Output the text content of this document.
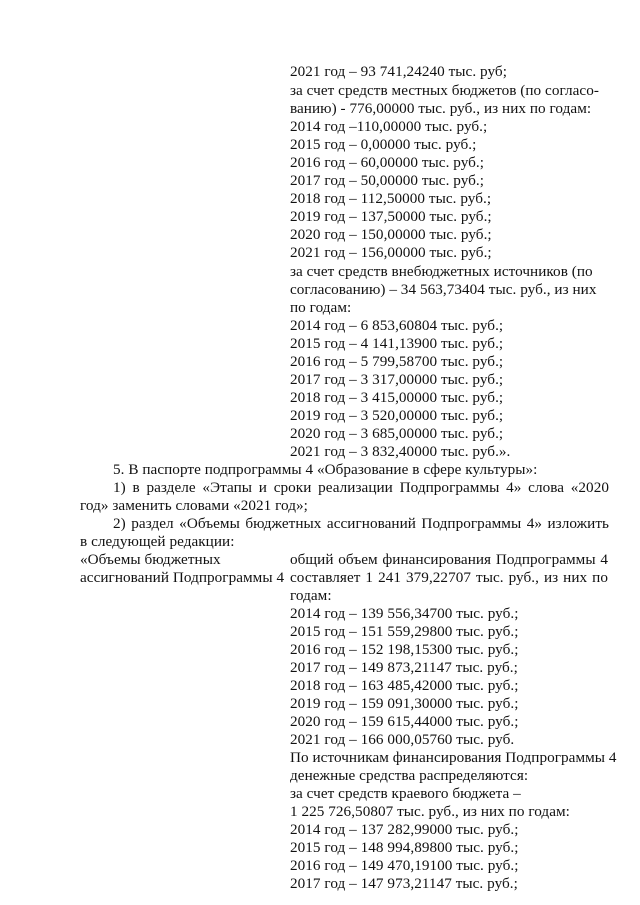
2021 год – 93 741,24240 тыс. руб;
за счет средств местных бюджетов (по согласо-
ванию) - 776,00000 тыс. руб., из них по годам:
2014 год –110,00000 тыс. руб.;
2015 год – 0,00000 тыс. руб.;
2016 год – 60,00000 тыс. руб.;
2017 год – 50,00000 тыс. руб.;
2018 год – 112,50000 тыс. руб.;
2019 год – 137,50000 тыс. руб.;
2020 год – 150,00000 тыс. руб.;
2021 год – 156,00000 тыс. руб.;
за счет средств внебюджетных источников (по
согласованию) – 34 563,73404 тыс. руб., из них
по годам:
2014 год – 6 853,60804 тыс. руб.;
2015 год – 4 141,13900 тыс. руб.;
2016 год – 5 799,58700 тыс. руб.;
2017 год – 3 317,00000 тыс. руб.;
2018 год – 3 415,00000 тыс. руб.;
2019 год – 3 520,00000 тыс. руб.;
2020 год – 3 685,00000 тыс. руб.;
2021 год – 3 832,40000 тыс. руб.».
5. В паспорте подпрограммы 4 «Образование в сфере культуры»:
1) в разделе «Этапы и сроки реализации Подпрограммы 4» слова «2020
год» заменить словами «2021 год»;
2) раздел «Объемы бюджетных ассигнований Подпрограммы 4» изложить
в следующей редакции:
«Объемы бюджетных
ассигнований Подпрограммы 4
общий объем финансирования Подпрограммы 4
составляет 1 241 379,22707 тыс. руб., из них по
годам:
2014 год – 139 556,34700 тыс. руб.;
2015 год – 151 559,29800 тыс. руб.;
2016 год – 152 198,15300 тыс. руб.;
2017 год – 149 873,21147 тыс. руб.;
2018 год – 163 485,42000 тыс. руб.;
2019 год – 159 091,30000 тыс. руб.;
2020 год – 159 615,44000 тыс. руб.;
2021 год – 166 000,05760 тыс. руб.
По источникам финансирования Подпрограммы 4
денежные средства распределяются:
за счет средств краевого бюджета –
1 225 726,50807 тыс. руб., из них по годам:
2014 год – 137 282,99000 тыс. руб.;
2015 год – 148 994,89800 тыс. руб.;
2016 год – 149 470,19100 тыс. руб.;
2017 год – 147 973,21147 тыс. руб.;
